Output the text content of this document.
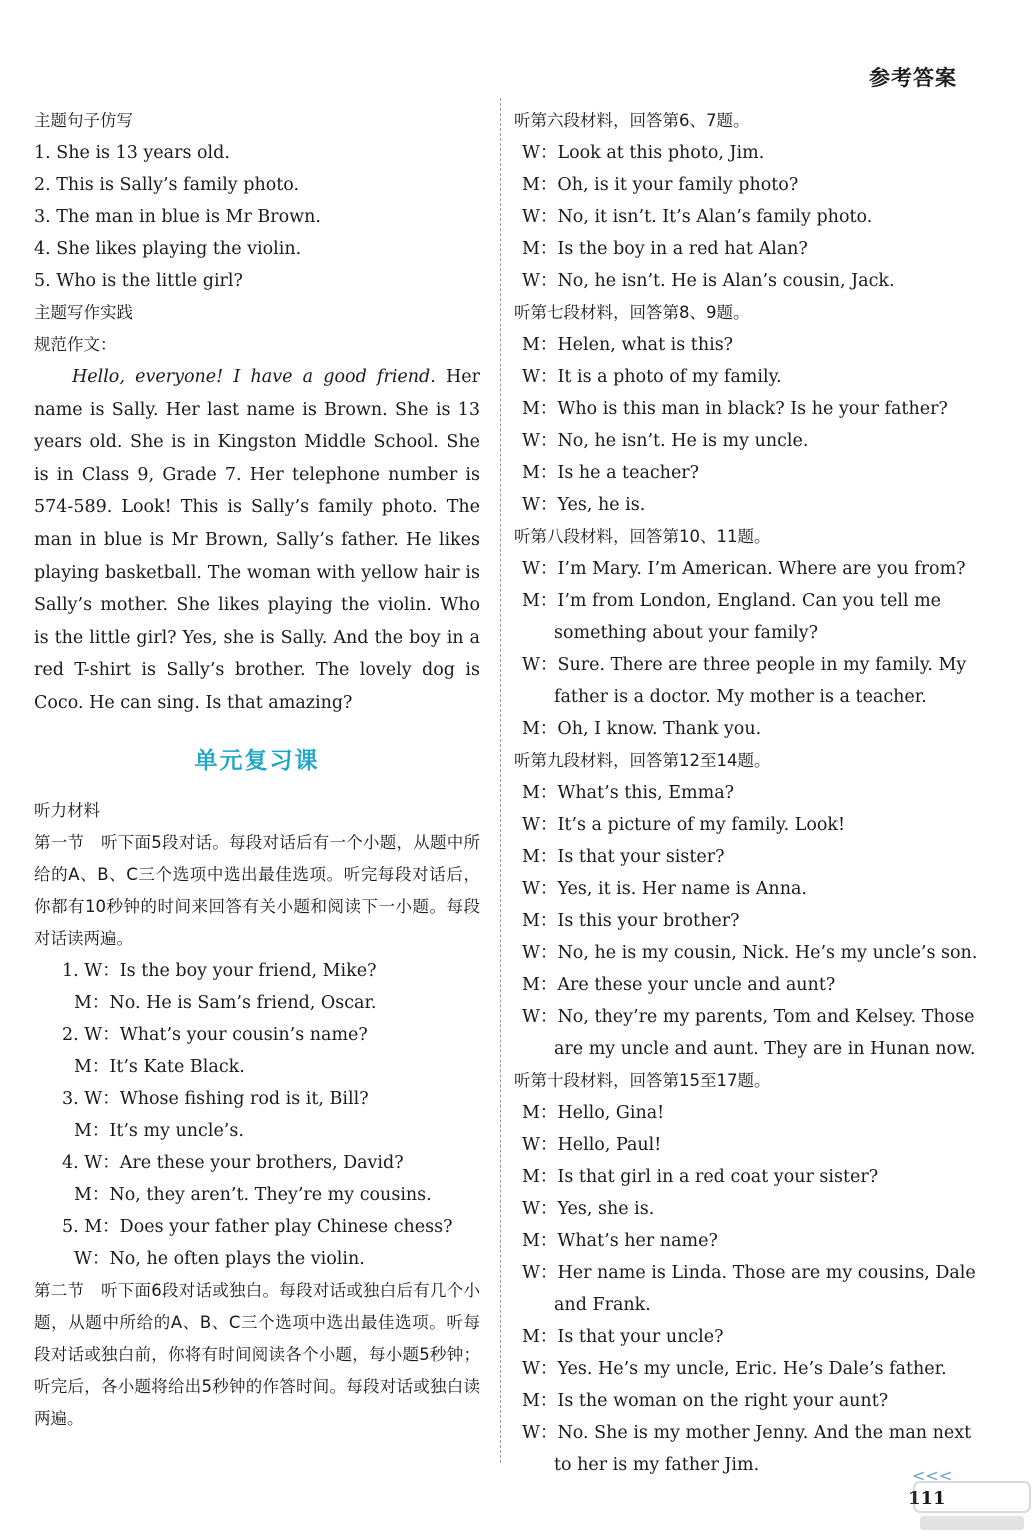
参考答案
主题句子仿写
1. She is 13 years old.
2. This is Sally’s family photo.
3. The man in blue is Mr Brown.
4. She likes playing the violin.
5. Who is the little girl?
主题写作实践
规范作文：

Hello, everyone! I have a good friend. Her name is Sally. Her last name is Brown. She is 13 years old. She is in Kingston Middle School. She is in Class 9, Grade 7. Her telephone number is 574-589. Look! This is Sally’s family photo. The man in blue is Mr Brown, Sally’s father. He likes playing basketball. The woman with yellow hair is Sally’s mother. She likes playing the violin. Who is the little girl? Yes, she is Sally. And the boy in a red T-shirt is Sally’s brother. The lovely dog is Coco. He can sing. Is that amazing?

单元复习课
听力材料

第一节　听下面5段对话。每段对话后有一个小题，从题中所给的A、B、C三个选项中选出最佳选项。听完每段对话后，你都有10秒钟的时间来回答有关小题和阅读下一小题。每段对话读两遍。

1. W：Is the boy your friend, Mike?
M：No. He is Sam’s friend, Oscar.
2. W：What’s your cousin’s name?
M：It’s Kate Black.
3. W：Whose fishing rod is it, Bill?
M：It’s my uncle’s.
4. W：Are these your brothers, David?
M：No, they aren’t. They’re my cousins.
5. M：Does your father play Chinese chess?
W：No, he often plays the violin.

第二节　听下面6段对话或独白。每段对话或独白后有几个小题，从题中所给的A、B、C三个选项中选出最佳选项。听每段对话或独白前，你将有时间阅读各个小题，每小题5秒钟；听完后，各小题将给出5秒钟的作答时间。每段对话或独白读两遍。

听第六段材料，回答第6、7题。
W：Look at this photo, Jim.
M：Oh, is it your family photo?
W：No, it isn’t. It’s Alan’s family photo.
M：Is the boy in a red hat Alan?
W：No, he isn’t. He is Alan’s cousin, Jack.
听第七段材料，回答第8、9题。
M：Helen, what is this?
W：It is a photo of my family.
M：Who is this man in black? Is he your father?
W：No, he isn’t. He is my uncle.
M：Is he a teacher?
W：Yes, he is.
听第八段材料，回答第10、11题。
W：I’m Mary. I’m American. Where are you from?
M：I’m from London, England. Can you tell me
something about your family?
W：Sure. There are three people in my family. My
father is a doctor. My mother is a teacher.
M：Oh, I know. Thank you.
听第九段材料，回答第12至14题。
M：What’s this, Emma?
W：It’s a picture of my family. Look!
M：Is that your sister?
W：Yes, it is. Her name is Anna.
M：Is this your brother?
W：No, he is my cousin, Nick. He’s my uncle’s son.
M：Are these your uncle and aunt?
W：No, they’re my parents, Tom and Kelsey. Those
are my uncle and aunt. They are in Hunan now.
听第十段材料，回答第15至17题。
M：Hello, Gina!
W：Hello, Paul!
M：Is that girl in a red coat your sister?
W：Yes, she is.
M：What’s her name?
W：Her name is Linda. Those are my cousins, Dale
and Frank.
M：Is that your uncle?
W：Yes. He’s my uncle, Eric. He’s Dale’s father.
M：Is the woman on the right your aunt?
W：No. She is my mother Jenny. And the man next
to her is my father Jim.
<<<
111
